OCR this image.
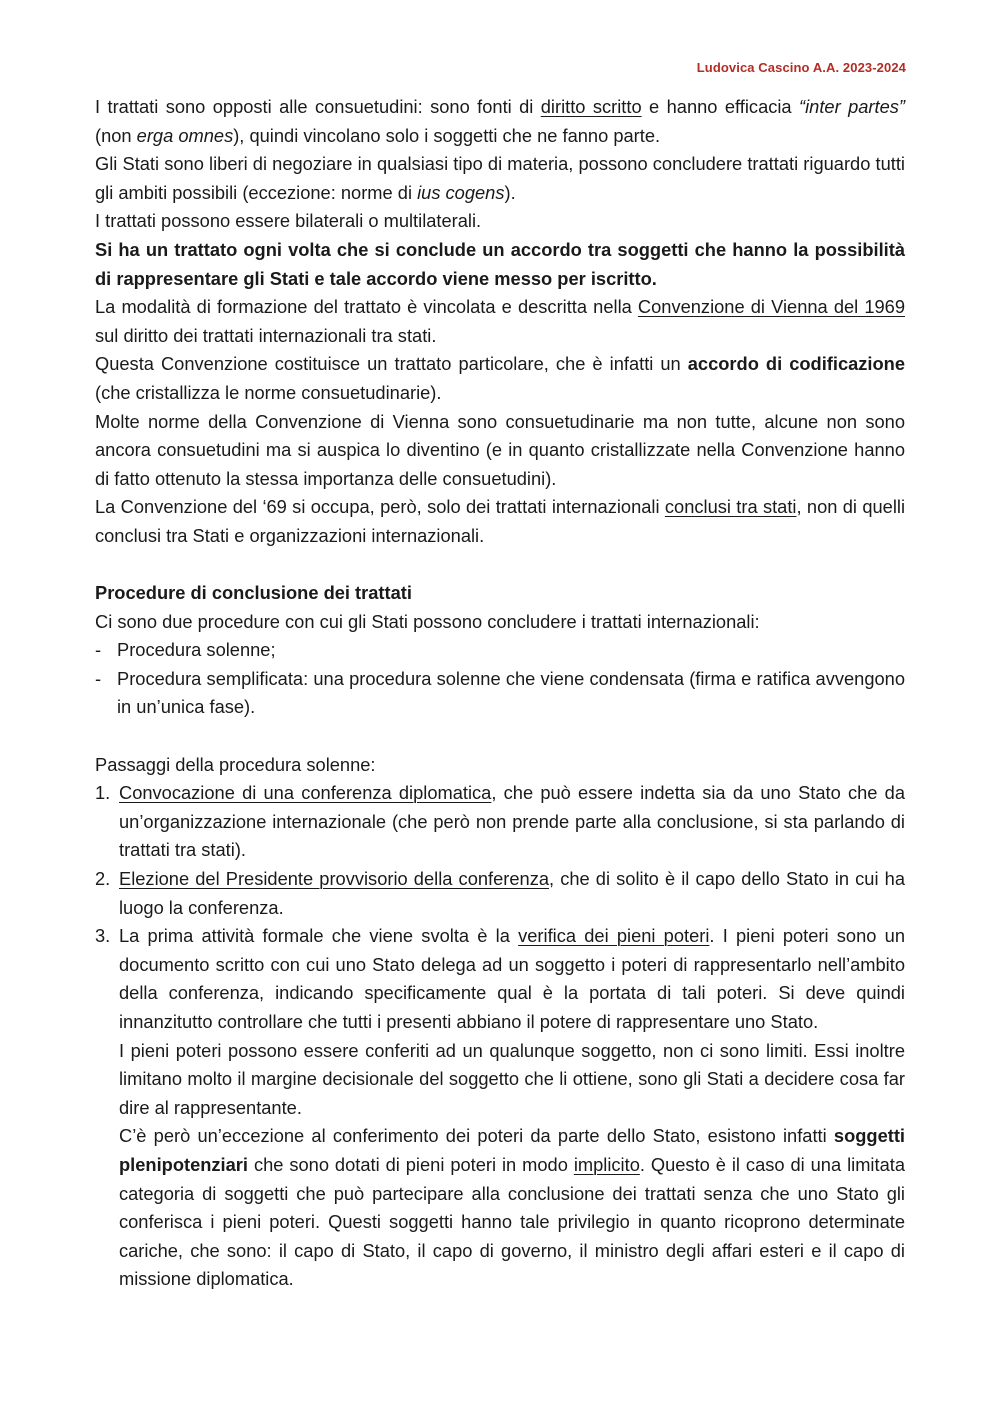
Ludovica Cascino A.A. 2023-2024

I trattati sono opposti alle consuetudini: sono fonti di diritto scritto e hanno efficacia “inter partes” (non erga omnes), quindi vincolano solo i soggetti che ne fanno parte.

Gli Stati sono liberi di negoziare in qualsiasi tipo di materia, possono concludere trattati riguardo tutti gli ambiti possibili (eccezione: norme di ius cogens).

I trattati possono essere bilaterali o multilaterali.

Si ha un trattato ogni volta che si conclude un accordo tra soggetti che hanno la possibilità di rappresentare gli Stati e tale accordo viene messo per iscritto.

La modalità di formazione del trattato è vincolata e descritta nella Convenzione di Vienna del 1969 sul diritto dei trattati internazionali tra stati.

Questa Convenzione costituisce un trattato particolare, che è infatti un accordo di codificazione (che cristallizza le norme consuetudinarie).

Molte norme della Convenzione di Vienna sono consuetudinarie ma non tutte, alcune non sono ancora consuetudini ma si auspica lo diventino (e in quanto cristallizzate nella Convenzione hanno di fatto ottenuto la stessa importanza delle consuetudini).

La Convenzione del ‘69 si occupa, però, solo dei trattati internazionali conclusi tra stati, non di quelli conclusi tra Stati e organizzazioni internazionali.

Procedure di conclusione dei trattati

Ci sono due procedure con cui gli Stati possono concludere i trattati internazionali:

- Procedura solenne;
- Procedura semplificata: una procedura solenne che viene condensata (firma e ratifica avvengono in un’unica fase).

Passaggi della procedura solenne:

1. Convocazione di una conferenza diplomatica, che può essere indetta sia da uno Stato che da un’organizzazione internazionale (che però non prende parte alla conclusione, si sta parlando di trattati tra stati).
2. Elezione del Presidente provvisorio della conferenza, che di solito è il capo dello Stato in cui ha luogo la conferenza.
3. La prima attività formale che viene svolta è la verifica dei pieni poteri. I pieni poteri sono un documento scritto con cui uno Stato delega ad un soggetto i poteri di rappresentarlo nell’ambito della conferenza, indicando specificamente qual è la portata di tali poteri. Si deve quindi innanzitutto controllare che tutti i presenti abbiano il potere di rappresentare uno Stato.

I pieni poteri possono essere conferiti ad un qualunque soggetto, non ci sono limiti. Essi inoltre limitano molto il margine decisionale del soggetto che li ottiene, sono gli Stati a decidere cosa far dire al rappresentante.

C’è però un’eccezione al conferimento dei poteri da parte dello Stato, esistono infatti soggetti plenipotenziari che sono dotati di pieni poteri in modo implicito. Questo è il caso di una limitata categoria di soggetti che può partecipare alla conclusione dei trattati senza che uno Stato gli conferisca i pieni poteri. Questi soggetti hanno tale privilegio in quanto ricoprono determinate cariche, che sono: il capo di Stato, il capo di governo, il ministro degli affari esteri e il capo di missione diplomatica.
